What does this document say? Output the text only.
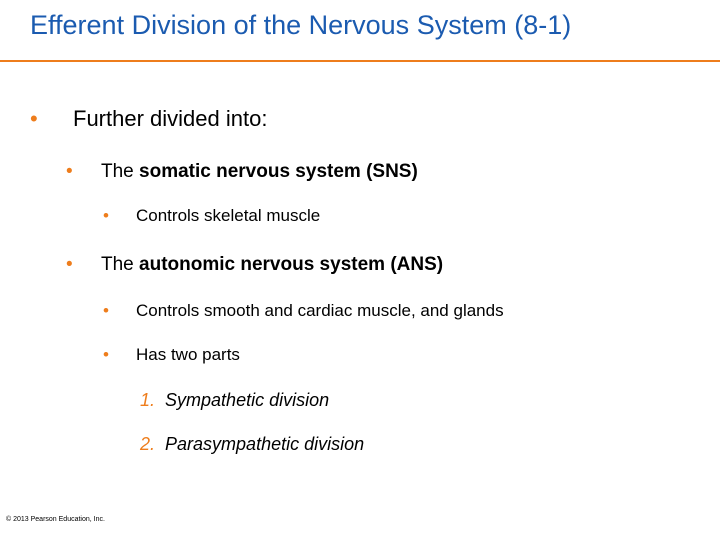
Efferent Division of the Nervous System (8-1)
• Further divided into:
• The somatic nervous system (SNS)
• Controls skeletal muscle
• The autonomic nervous system (ANS)
• Controls smooth and cardiac muscle, and glands
• Has two parts
1. Sympathetic division
2. Parasympathetic division
© 2013 Pearson Education, Inc.
